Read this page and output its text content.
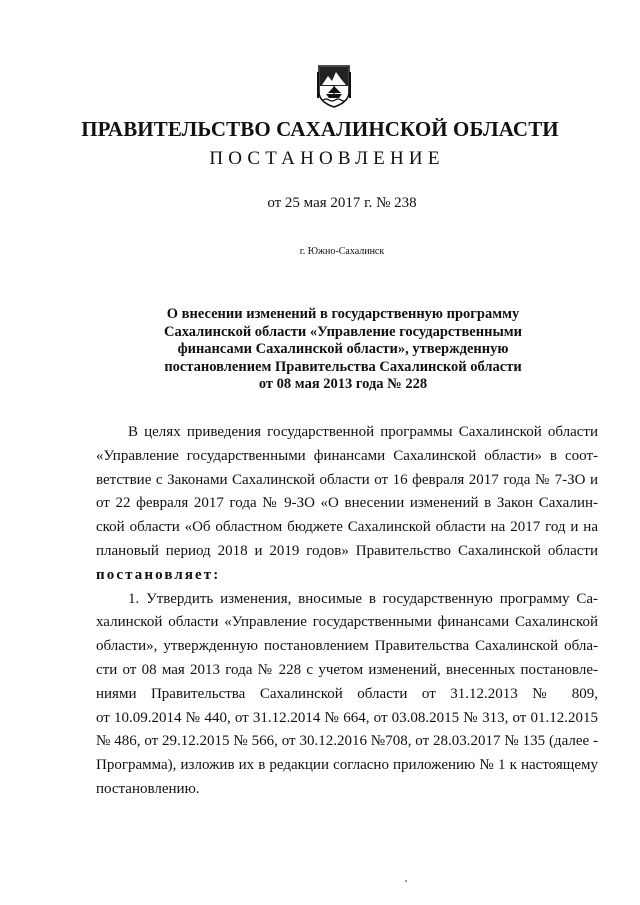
ПРАВИТЕЛЬСТВО САХАЛИНСКОЙ ОБЛАСТИ
ПОСТАНОВЛЕНИЕ
от 25 мая 2017 г. № 238
г. Южно-Сахалинск
О внесении изменений в государственную программу
Сахалинской области «Управление государственными
финансами Сахалинской области», утвержденную
постановлением Правительства Сахалинской области
от 08 мая 2013 года № 228
В целях приведения государственной программы Сахалинской области
«Управление государственными финансами Сахалинской области» в соот-
ветствие с Законами Сахалинской области от 16 февраля 2017 года № 7-ЗО и
от 22 февраля 2017 года № 9-ЗО «О внесении изменений в Закон Сахалин-
ской области «Об областном бюджете Сахалинской области на 2017 год и на
плановый период 2018 и 2019 годов» Правительство Сахалинской области
постановляет:
1. Утвердить изменения, вносимые в государственную программу Са-
халинской области «Управление государственными финансами Сахалинской
области», утвержденную постановлением Правительства Сахалинской обла-
сти от 08 мая 2013 года № 228 с учетом изменений, внесенных постановле-
ниями Правительства Сахалинской области от 31.12.2013 № 809,
от 10.09.2014 № 440, от 31.12.2014 № 664, от 03.08.2015 № 313, от 01.12.2015
№ 486, от 29.12.2015 № 566, от 30.12.2016 №708, от 28.03.2017 № 135 (далее -
Программа), изложив их в редакции согласно приложению № 1 к настоящему
постановлению.
